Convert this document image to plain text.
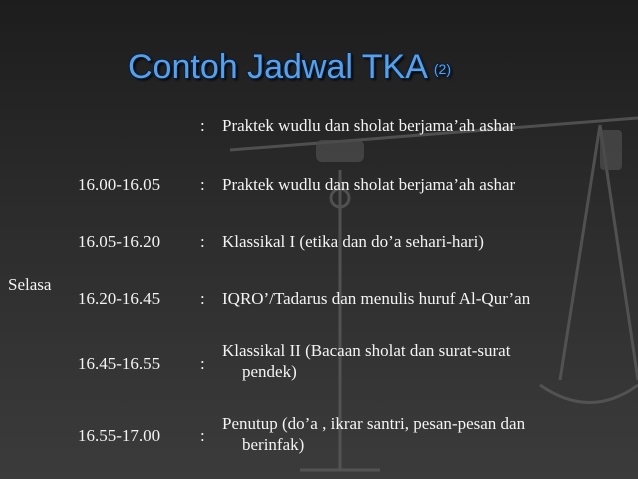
Contoh Jadwal TKA (2)
Selasa
: Praktek wudlu dan sholat berjama’ah ashar
16.00-16.05 : Praktek wudlu dan sholat berjama’ah ashar
16.05-16.20 : Klassikal I (etika dan do’a sehari-hari)
16.20-16.45 : IQRO’/Tadarus dan menulis huruf Al-Qur’an
16.45-16.55 :
Klassikal II (Bacaan sholat dan surat-surat
pendek)
16.55-17.00 :
Penutup (do’a , ikrar santri, pesan-pesan dan
berinfak)
